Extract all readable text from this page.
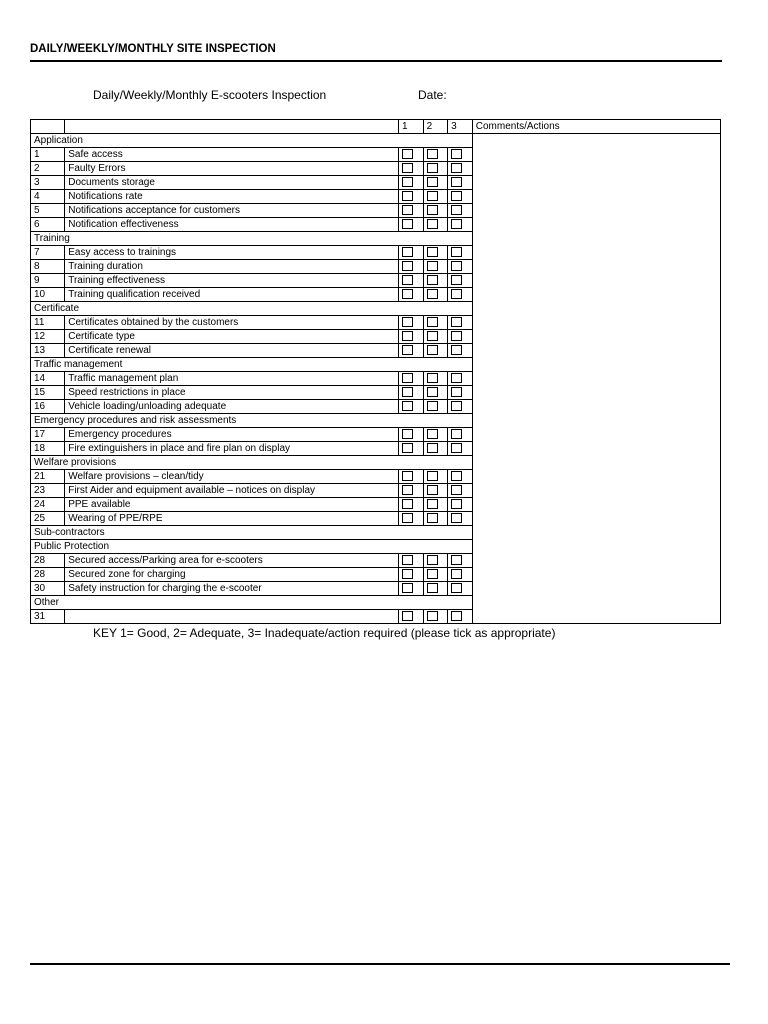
DAILY/WEEKLY/MONTHLY SITE INSPECTION
Daily/Weekly/Monthly E-scooters Inspection	Date:
		1	2	3	Comments/Actions
Application					
1	Safe access				
2	Faulty Errors				
3	Documents storage				
4	Notifications rate				
5	Notifications acceptance for customers				
6	Notification effectiveness				
Training					
7	Easy access to trainings				
8	Training duration				
9	Training effectiveness				
10	Training qualification received				
Certificate					
11	Certificates obtained by the customers				
12	Certificate type				
13	Certificate renewal				
Traffic management					
14	Traffic management plan				
15	Speed restrictions in place				
16	Vehicle loading/unloading adequate				
Emergency procedures and risk assessments					
17	Emergency procedures				
18	Fire extinguishers in place and fire plan on display				
Welfare provisions					
21	Welfare provisions – clean/tidy				
23	First Aider and equipment available – notices on display				
24	PPE available				
25	Wearing of PPE/RPE				
Sub-contractors					
Public Protection					
28	Secured access/Parking area for e-scooters				
28	Secured zone for charging				
30	Safety instruction for charging the e-scooter				
Other					
31					
KEY 1= Good, 2= Adequate, 3= Inadequate/action required (please tick as appropriate)
